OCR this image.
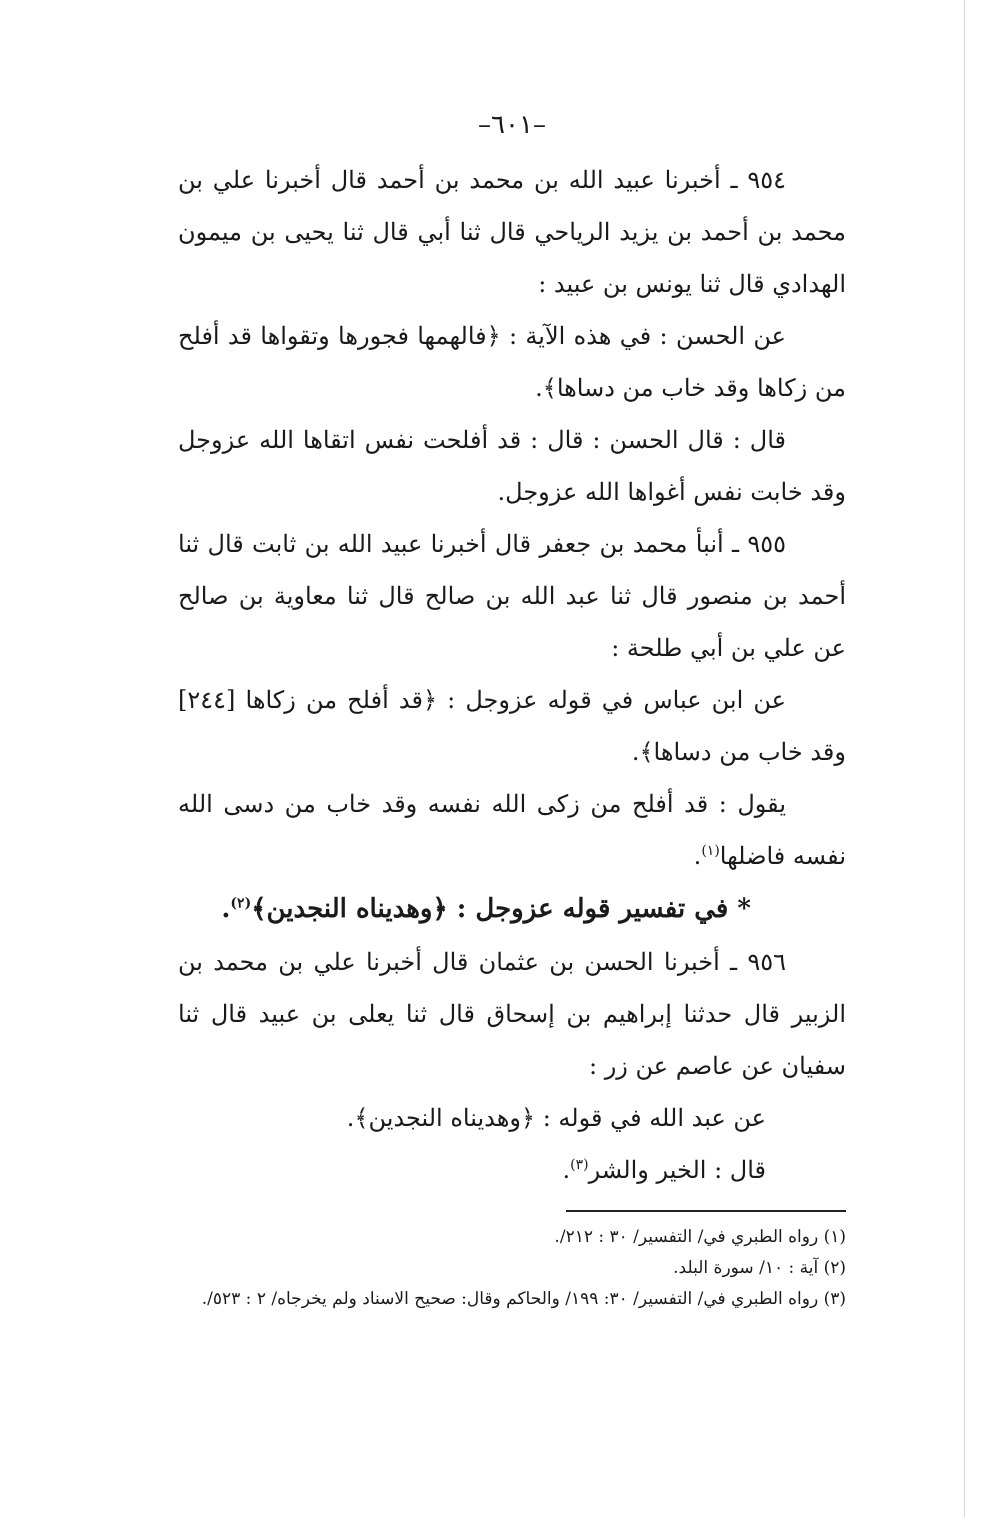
–٦٠١–

٩٥٤ ـ أخبرنا عبيد الله بن محمد بن أحمد قال أخبرنا علي بن محمد بن أحمد بن يزيد الرياحي قال ثنا أبي قال ثنا يحيى بن ميمون الهدادي قال ثنا يونس بن عبيد :

عن الحسن : في هذه الآية : ﴿فالهمها فجورها وتقواها قد أفلح من زكاها وقد خاب من دساها﴾.

قال : قال الحسن : قال : قد أفلحت نفس اتقاها الله عزوجل وقد خابت نفس أغواها الله عزوجل.

٩٥٥ ـ أنبأ محمد بن جعفر قال أخبرنا عبيد الله بن ثابت قال ثنا أحمد بن منصور قال ثنا عبد الله بن صالح قال ثنا معاوية بن صالح عن علي بن أبي طلحة :

عن ابن عباس في قوله عزوجل : ﴿قد أفلح من زكاها [٢٤٤] وقد خاب من دساها﴾.

يقول : قد أفلح من زكى الله نفسه وقد خاب من دسى الله نفسه فاضلها$^{(١)}$.

* في تفسير قوله عزوجل : ﴿وهديناه النجدين﴾$^{(٢)}$.

٩٥٦ ـ أخبرنا الحسن بن عثمان قال أخبرنا علي بن محمد بن الزبير قال حدثنا إبراهيم بن إسحاق قال ثنا يعلى بن عبيد قال ثنا سفيان عن عاصم عن زر :

عن عبد الله في قوله : ﴿وهديناه النجدين﴾.

قال : الخير والشر$^{(٣)}$.

(١) رواه الطبري في/ التفسير/ ٣٠ : ٢١٢/.

(٢) آية : ١٠/ سورة البلد.

(٣) رواه الطبري في/ التفسير/ ٣٠: ١٩٩/ والحاكم وقال: صحيح الاسناد ولم يخرجاه/ ٢ : ٥٢٣/.
